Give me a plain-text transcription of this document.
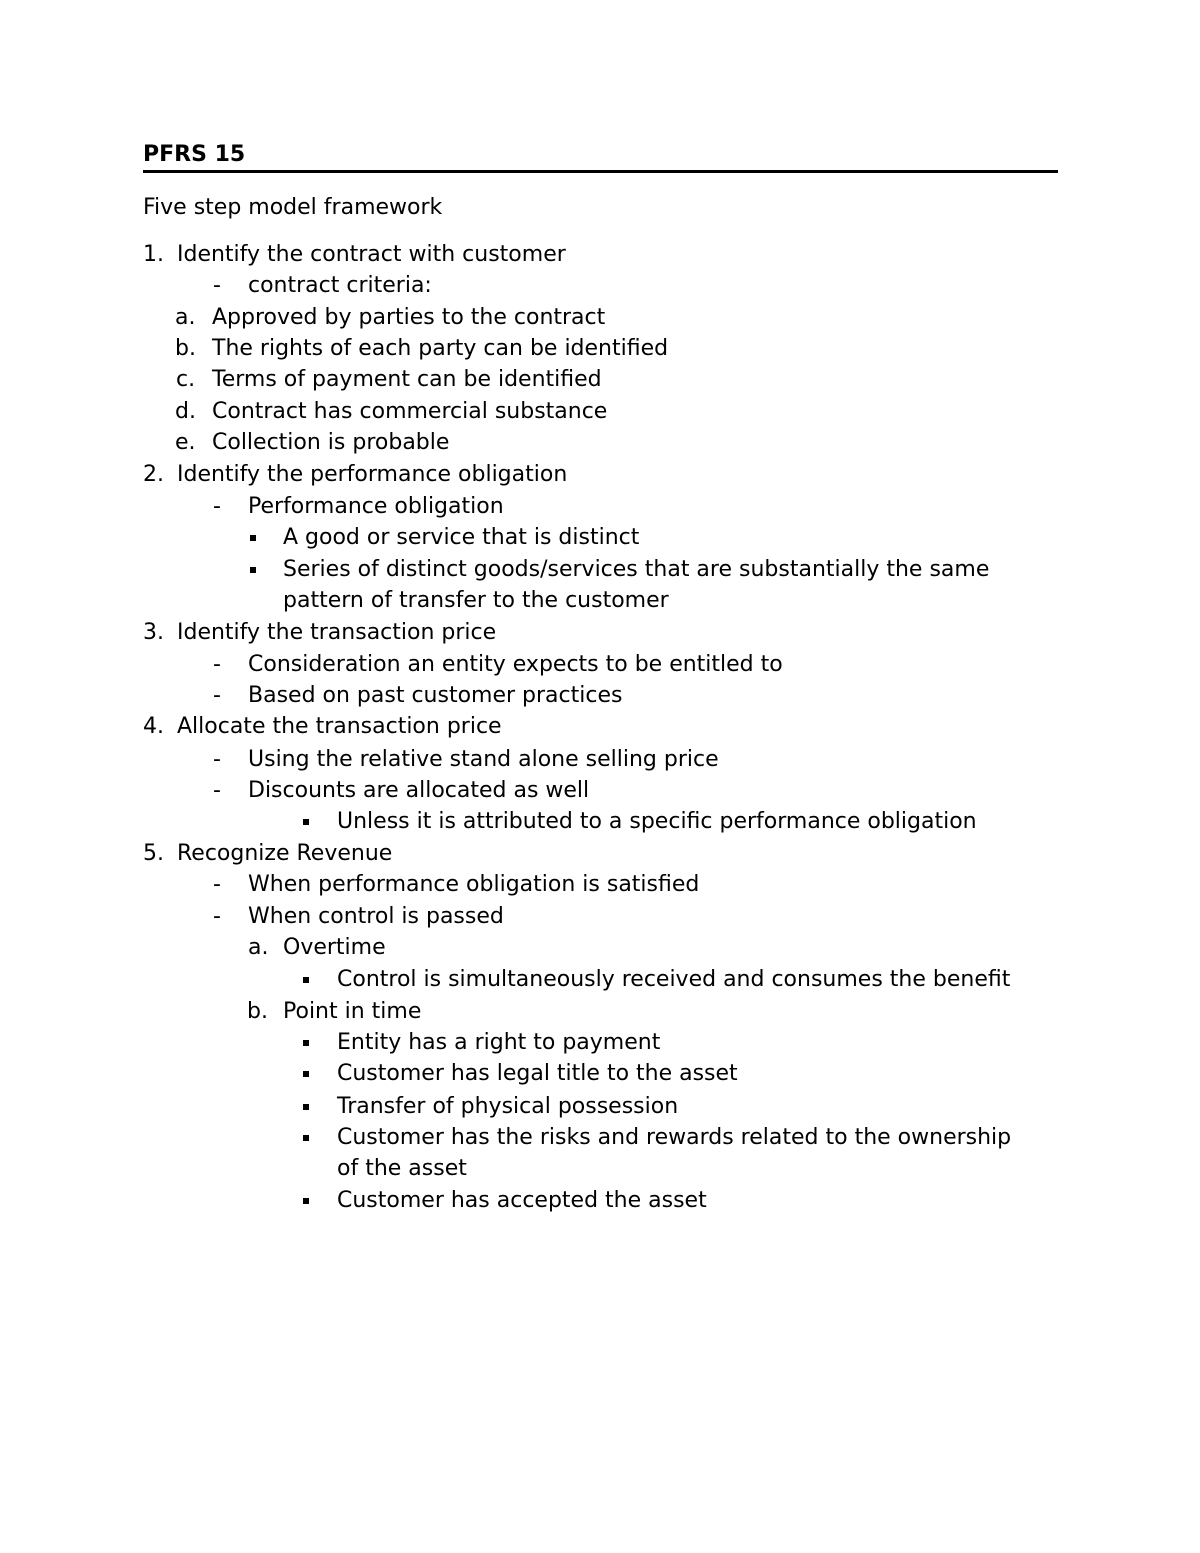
PFRS 15
Five step model framework
1. Identify the contract with customer
- contract criteria:
a. Approved by parties to the contract
b. The rights of each party can be identified
c. Terms of payment can be identified
d. Contract has commercial substance
e. Collection is probable
2. Identify the performance obligation
- Performance obligation
A good or service that is distinct
Series of distinct goods/services that are substantially the same
pattern of transfer to the customer
3. Identify the transaction price
- Consideration an entity expects to be entitled to
- Based on past customer practices
4. Allocate the transaction price
- Using the relative stand alone selling price
- Discounts are allocated as well
Unless it is attributed to a specific performance obligation
5. Recognize Revenue
- When performance obligation is satisfied
- When control is passed
a. Overtime
Control is simultaneously received and consumes the benefit
b. Point in time
Entity has a right to payment
Customer has legal title to the asset
Transfer of physical possession
Customer has the risks and rewards related to the ownership
of the asset
Customer has accepted the asset
